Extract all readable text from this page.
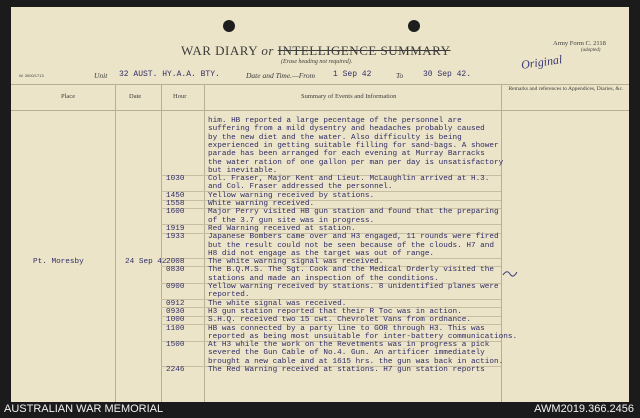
WAR DIARY or INTELLIGENCE SUMMARY
(Erase heading not required).
Army Form C. 2118
(adopted)
Original
W. 3000/1713	Unit 32 AUST. HY.A.A. BTY.	Date and Time.—From 1 Sep 42	To 30 Sep 42.
Place	Date	Hour	Summary of Events and Information
Remarks and references to Appendices, Diaries, &c.
Pt. Moresby	24 Sep 42
him. HB reported a large pecentage of the personnel are
suffering from a mild dysentry and headaches probably caused
by the new diet and the water. Also difficulty is being
experienced in getting suitable filling for sand-bags. A shower
parade has been arranged for each evening at Murray Barracks
the water ration of one gallon per man per day is unsatisfactory
but inevitable.
1030	Col. Fraser, Major Kent and Lieut. McLaughlin arrived at H.3.
and Col. Fraser addressed the personnel.
1450	Yellow warning received by stations.
1558	White warning received.
1600	Major Perry visited HB gun station and found that the preparing
of the 3.7 gun site was in progress.
1919	Red Warning received at station.
1933	Japanese Bombers came over and H3 engaged, 11 rounds were fired
but the result could not be seen because of the clouds. H7 and
H8 did not engage as the target was out of range.
2008	The white warning signal was received.
0830	The B.Q.M.S. The Sgt. Cook and the Medical Orderly visited the
stations and made an inspection of the conditions.
0900	Yellow warning received by stations. 8 unidentified planes were
reported.
0912	The white signal was received.
0930	H3 gun station reported that their R Toc was in action.
1000	S.H.Q. received two 15 cwt. Chevrolet Vans from ordnance.
1100	HB was connected by a party line to GOR through H3. This was
reported as being most unsuitable for inter-battery communications.
1500	At H3 while the work on the Revetments was in progress a pick
severed the Gun Cable of No.4. Gun. An artificer immediately
brought a new cable and at 1615 hrs. the gun was back in action.
2246	The Red Warning received at stations. H7 gun station reports
AUSTRALIAN WAR MEMORIAL	AWM2019.366.2456
